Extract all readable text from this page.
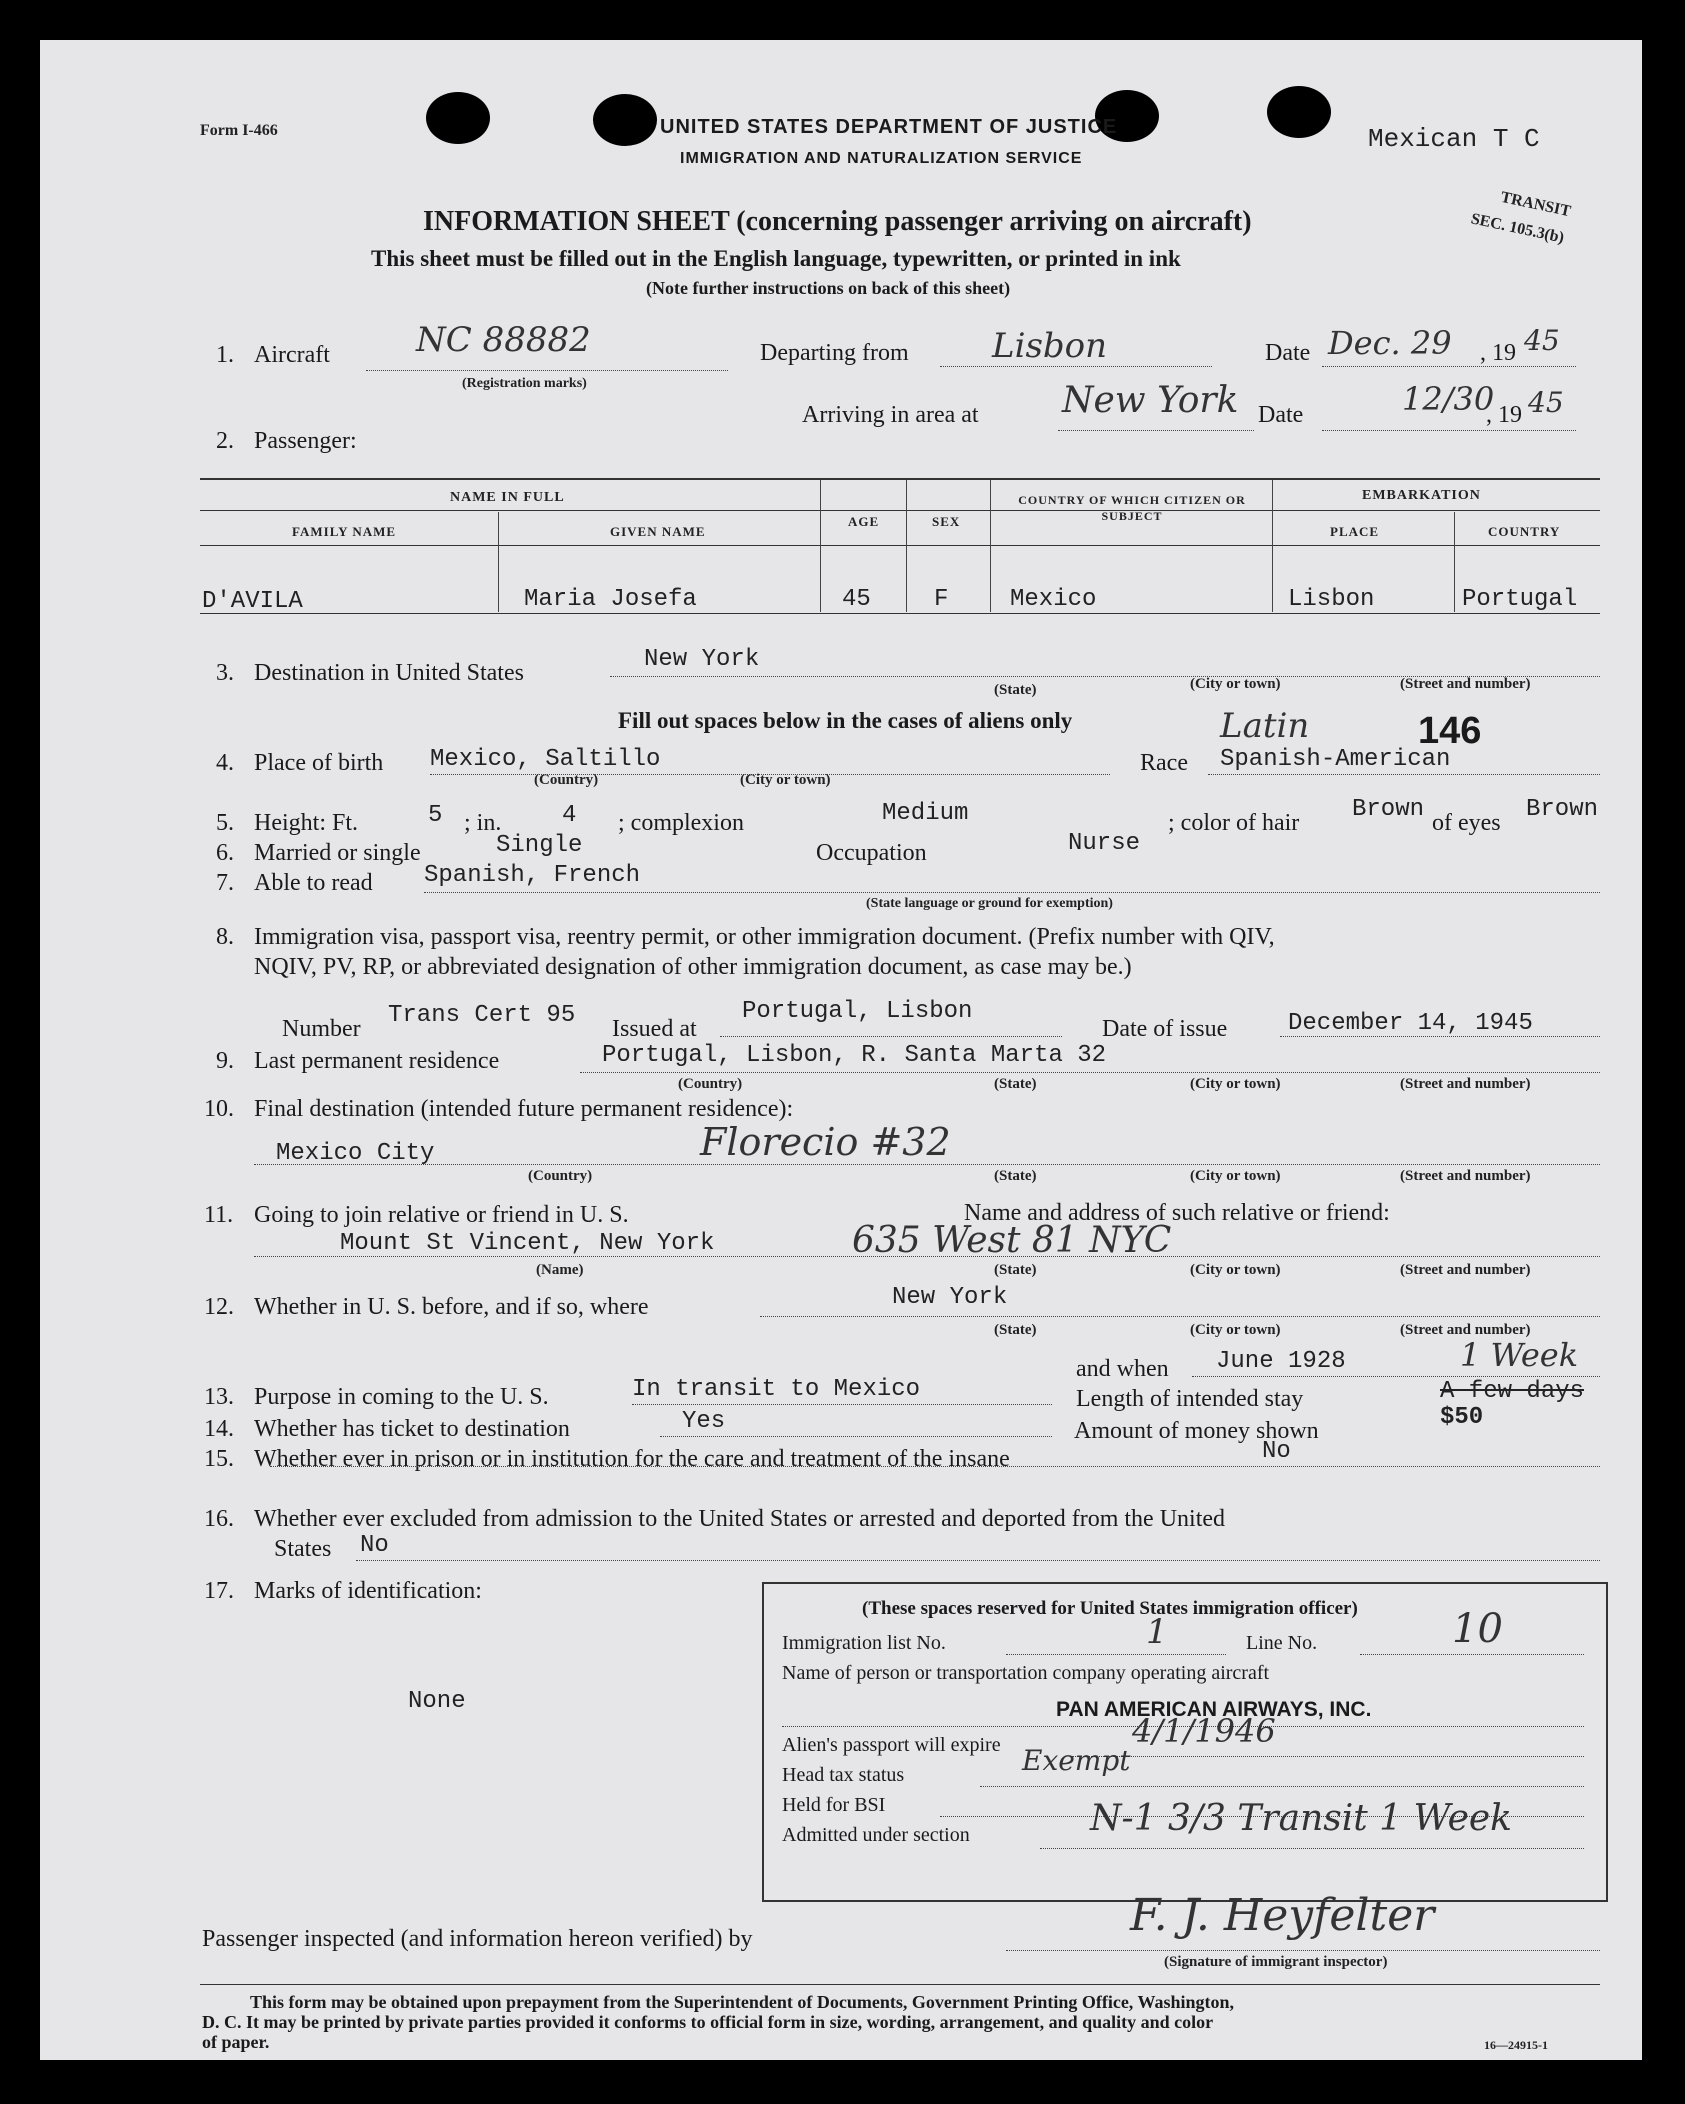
Form I-466	UNITED STATES DEPARTMENT OF JUSTICE
IMMIGRATION AND NATURALIZATION SERVICE
Mexican T C
TRANSIT
SEC. 105.3(b)
INFORMATION SHEET (concerning passenger arriving on aircraft)
This sheet must be filled out in the English language, typewritten, or printed in ink
(Note further instructions on back of this sheet)
1. Aircraft	NC 88882
(Registration marks)
Departing from Lisbon	Date Dec. 29 , 19 45
Arriving in area at New York Date	12/30
, 19 45
2. Passenger:
NAME IN FULL
FAMILY NAME	GIVEN NAME
AGE	SEX
COUNTRY OF WHICH CITIZEN OR SUBJECT
EMBARKATION
PLACE	COUNTRY
D'AVILA	Maria Josefa	45	F	Mexico	Lisbon	Portugal
3. Destination in United States	New York
(State)	(City or town)	(Street and number)
Fill out spaces below in the cases of aliens only
4. Place of birth Mexico, Saltillo
(Country)	(City or town)
Race
Latin
Spanish-American
146
5. Height: Ft.	5 ; in.	4 ; complexion	Medium	; color of hair Brown of eyes Brown
6. Married or single	Single	Occupation	Nurse
7. Able to read Spanish, French
(State language or ground for exemption)
8. Immigration visa, passport visa, reentry permit, or other immigration document. (Prefix number with QIV,
NQIV, PV, RP, or abbreviated designation of other immigration document, as case may be.)
Number Trans Cert 95 Issued at
Portugal, Lisbon
Date of issue	December 14, 1945
9. Last permanent residence	Portugal, Lisbon, R. Santa Marta 32
(Country)	(State)	(City or town)	(Street and number)
10. Final destination (intended future permanent residence):
Mexico City	Florecio #32
(Country)	(State)	(City or town)	(Street and number)
11. Going to join relative or friend in U. S.	Name and address of such relative or friend:
Mount St Vincent, New York	635 West 81 NYC
(Name)	(State)	(City or town)	(Street and number)
12. Whether in U. S. before, and if so, where	New York
(State)	(City or town)	(Street and number)
and when June 1928	1 Week
13. Purpose in coming to the U. S.	In transit to Mexico	Length of intended stay	A few days
14. Whether has ticket to destination	Yes	Amount of money shown	$50
15. Whether ever in prison or in institution for the care and treatment of the insane	No
16. Whether ever excluded from admission to the United States or arrested and deported from the United
States No
17. Marks of identification:
None
(These spaces reserved for United States immigration officer)
Immigration list No.	1	Line No.	10
Name of person or transportation company operating aircraft
PAN AMERICAN AIRWAYS, INC.
Alien's passport will expire	4/1/1946
Head tax status	Exempt
Held for BSI
Admitted under section	N-1 3/3 Transit 1 Week
Passenger inspected (and information hereon verified) by	F. J. Heyfelter
(Signature of immigrant inspector)
This form may be obtained upon prepayment from the Superintendent of Documents, Government Printing Office, Washington,
D. C. It may be printed by private parties provided it conforms to official form in size, wording, arrangement, and quality and color
of paper.	16—24915-1
